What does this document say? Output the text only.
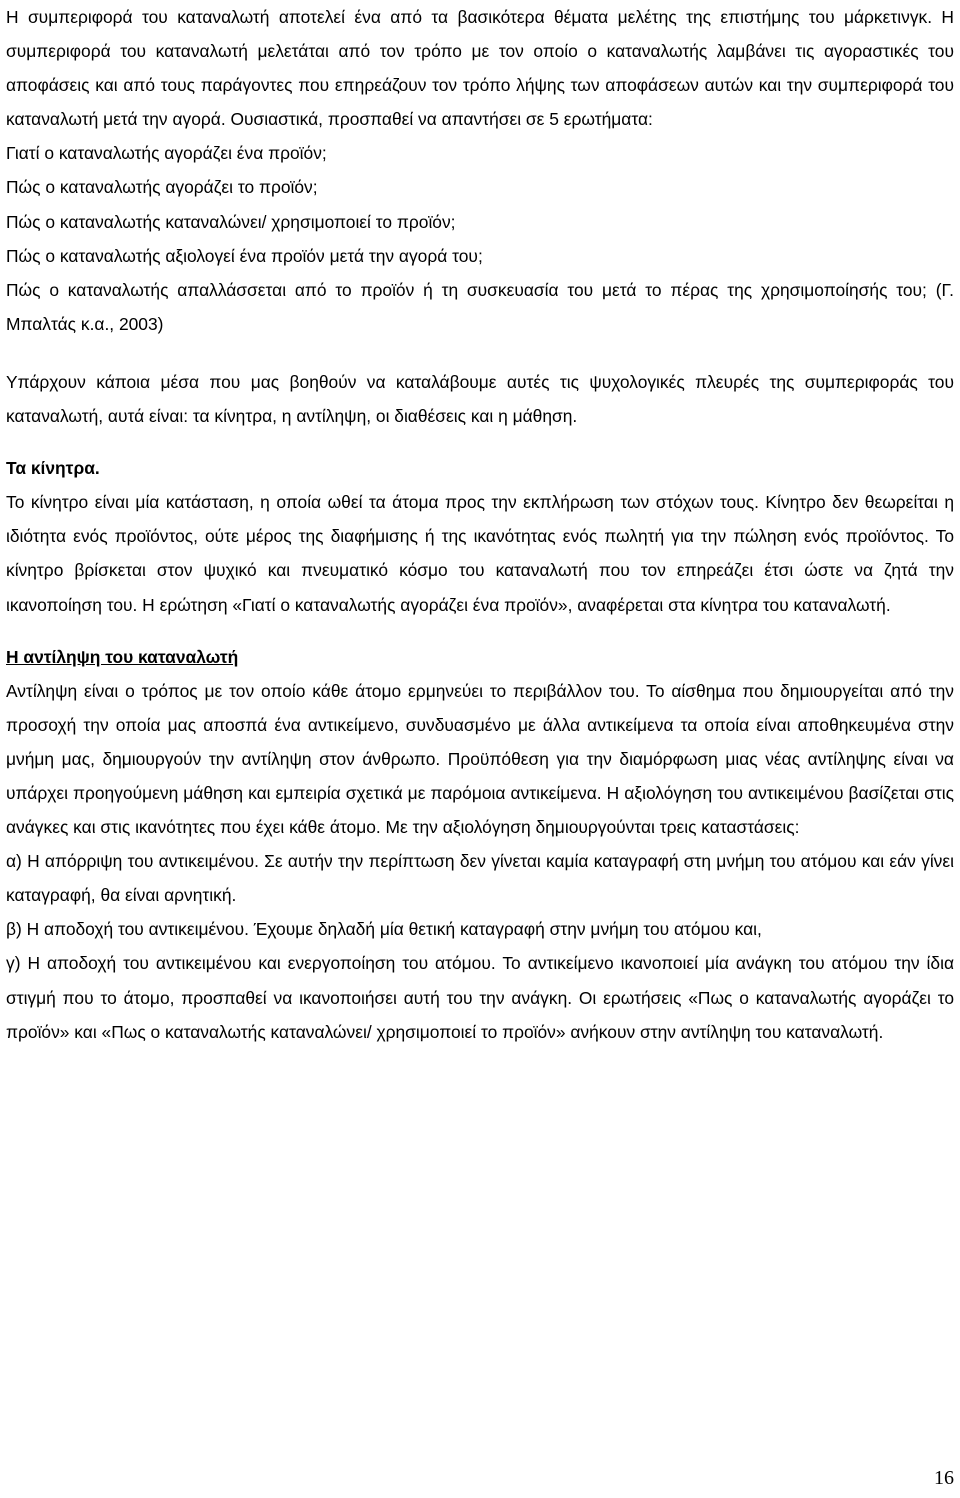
Η συμπεριφορά του καταναλωτή αποτελεί ένα από τα βασικότερα θέματα μελέτης της επιστήμης του μάρκετινγκ. Η συμπεριφορά του καταναλωτή μελετάται από τον τρόπο με τον οποίο ο καταναλωτής λαμβάνει τις αγοραστικές του αποφάσεις και από τους παράγοντες που επηρεάζουν τον τρόπο λήψης των αποφάσεων αυτών και την συμπεριφορά του καταναλωτή μετά την αγορά. Ουσιαστικά, προσπαθεί να απαντήσει σε 5 ερωτήματα:

Γιατί ο καταναλωτής αγοράζει ένα προϊόν;

Πώς ο καταναλωτής αγοράζει το προϊόν;

Πώς ο καταναλωτής καταναλώνει/ χρησιμοποιεί το προϊόν;

Πώς ο καταναλωτής αξιολογεί ένα προϊόν μετά την αγορά του;

Πώς ο καταναλωτής απαλλάσσεται από το προϊόν ή τη συσκευασία του μετά το πέρας της χρησιμοποίησής του; (Γ. Μπαλτάς κ.α., 2003)

Υπάρχουν κάποια μέσα που μας βοηθούν να καταλάβουμε αυτές τις ψυχολογικές πλευρές της συμπεριφοράς του καταναλωτή, αυτά είναι: τα κίνητρα, η αντίληψη, οι διαθέσεις και η μάθηση.

Τα κίνητρα.

Το κίνητρο είναι μία κατάσταση, η οποία ωθεί τα άτομα προς την εκπλήρωση των στόχων τους. Κίνητρο δεν θεωρείται η ιδιότητα ενός προϊόντος, ούτε μέρος της διαφήμισης ή της ικανότητας ενός πωλητή για την πώληση ενός προϊόντος. Το κίνητρο βρίσκεται στον ψυχικό και πνευματικό κόσμο του καταναλωτή που τον επηρεάζει έτσι ώστε να ζητά την ικανοποίηση του. Η ερώτηση «Γιατί ο καταναλωτής αγοράζει ένα προϊόν», αναφέρεται στα κίνητρα του καταναλωτή.

Η αντίληψη του καταναλωτή

Αντίληψη είναι ο τρόπος με τον οποίο κάθε άτομο ερμηνεύει το περιβάλλον του. Το αίσθημα που δημιουργείται από την προσοχή την οποία μας αποσπά ένα αντικείμενο, συνδυασμένο με άλλα αντικείμενα τα οποία είναι αποθηκευμένα στην μνήμη μας, δημιουργούν την αντίληψη στον άνθρωπο. Προϋπόθεση για την διαμόρφωση μιας νέας αντίληψης είναι να υπάρχει προηγούμενη μάθηση και εμπειρία σχετικά με παρόμοια αντικείμενα. Η αξιολόγηση του αντικειμένου βασίζεται στις ανάγκες και στις ικανότητες που έχει κάθε άτομο. Με την αξιολόγηση δημιουργούνται τρεις καταστάσεις:

α) Η απόρριψη του αντικειμένου. Σε αυτήν την περίπτωση δεν γίνεται καμία καταγραφή στη μνήμη του ατόμου και εάν γίνει καταγραφή, θα είναι αρνητική.

β) Η αποδοχή του αντικειμένου. Έχουμε δηλαδή μία θετική καταγραφή στην μνήμη του ατόμου και,

γ) Η αποδοχή του αντικειμένου και ενεργοποίηση του ατόμου. Το αντικείμενο ικανοποιεί μία ανάγκη του ατόμου την ίδια στιγμή που το άτομο, προσπαθεί να ικανοποιήσει αυτή του την ανάγκη. Οι ερωτήσεις «Πως ο καταναλωτής αγοράζει το προϊόν» και «Πως ο καταναλωτής καταναλώνει/ χρησιμοποιεί το προϊόν» ανήκουν στην αντίληψη του καταναλωτή.

16
